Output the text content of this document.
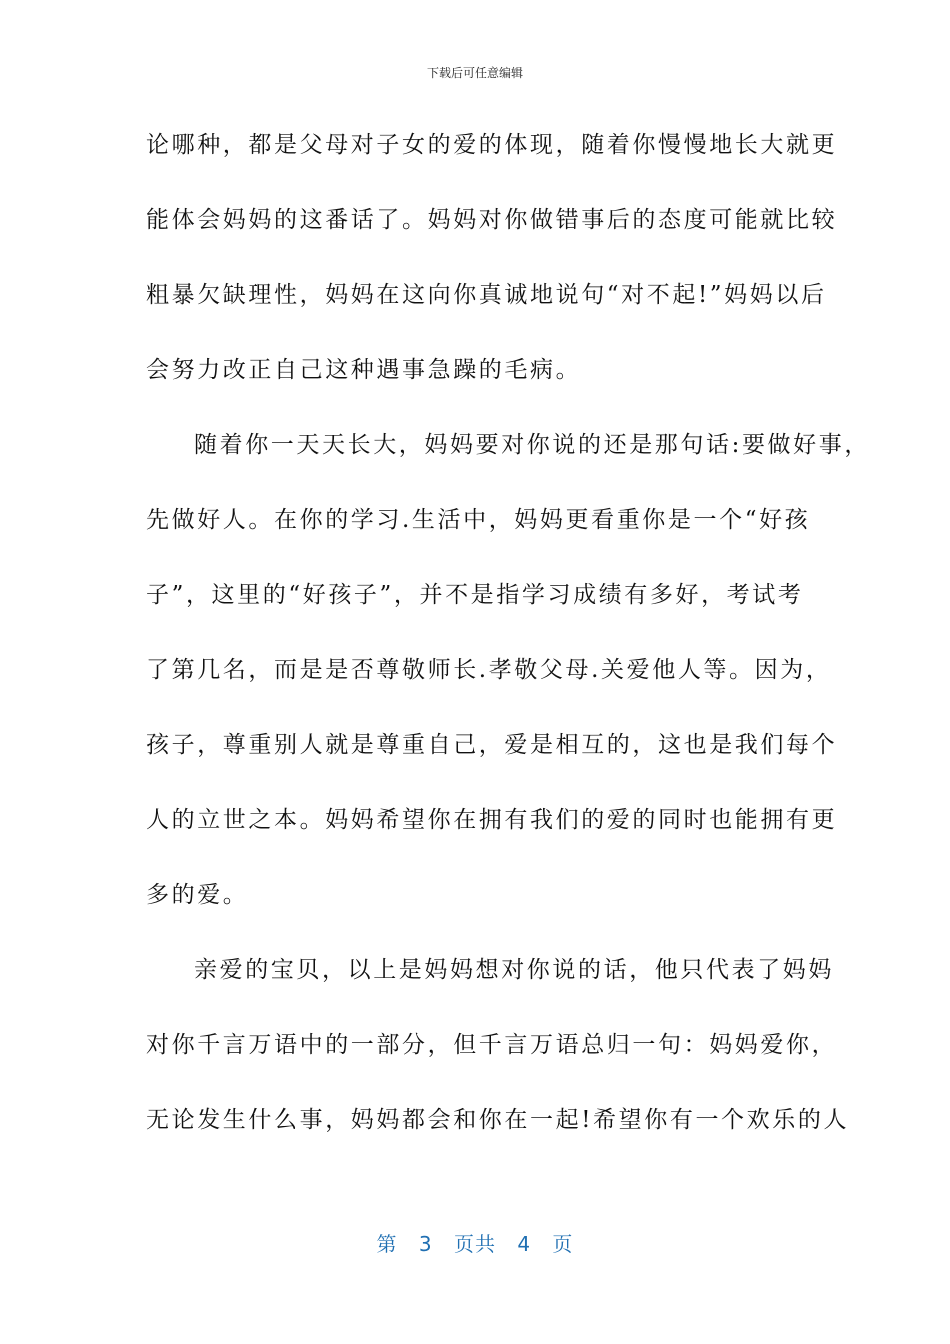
下载后可任意编辑
论哪种，都是父母对子女的爱的体现，随着你慢慢地长大就更
能体会妈妈的这番话了。妈妈对你做错事后的态度可能就比较
粗暴欠缺理性，妈妈在这向你真诚地说句“对不起!”妈妈以后
会努力改正自己这种遇事急躁的毛病。
随着你一天天长大，妈妈要对你说的还是那句话:要做好事，
先做好人。在你的学习.生活中，妈妈更看重你是一个“好孩
子”，这里的“好孩子”，并不是指学习成绩有多好，考试考
了第几名，而是是否尊敬师长.孝敬父母.关爱他人等。因为，
孩子，尊重别人就是尊重自己，爱是相互的，这也是我们每个
人的立世之本。妈妈希望你在拥有我们的爱的同时也能拥有更
多的爱。
亲爱的宝贝，以上是妈妈想对你说的话，他只代表了妈妈
对你千言万语中的一部分，但千言万语总归一句：妈妈爱你，
无论发生什么事，妈妈都会和你在一起!希望你有一个欢乐的人
第 3 页共 4 页
